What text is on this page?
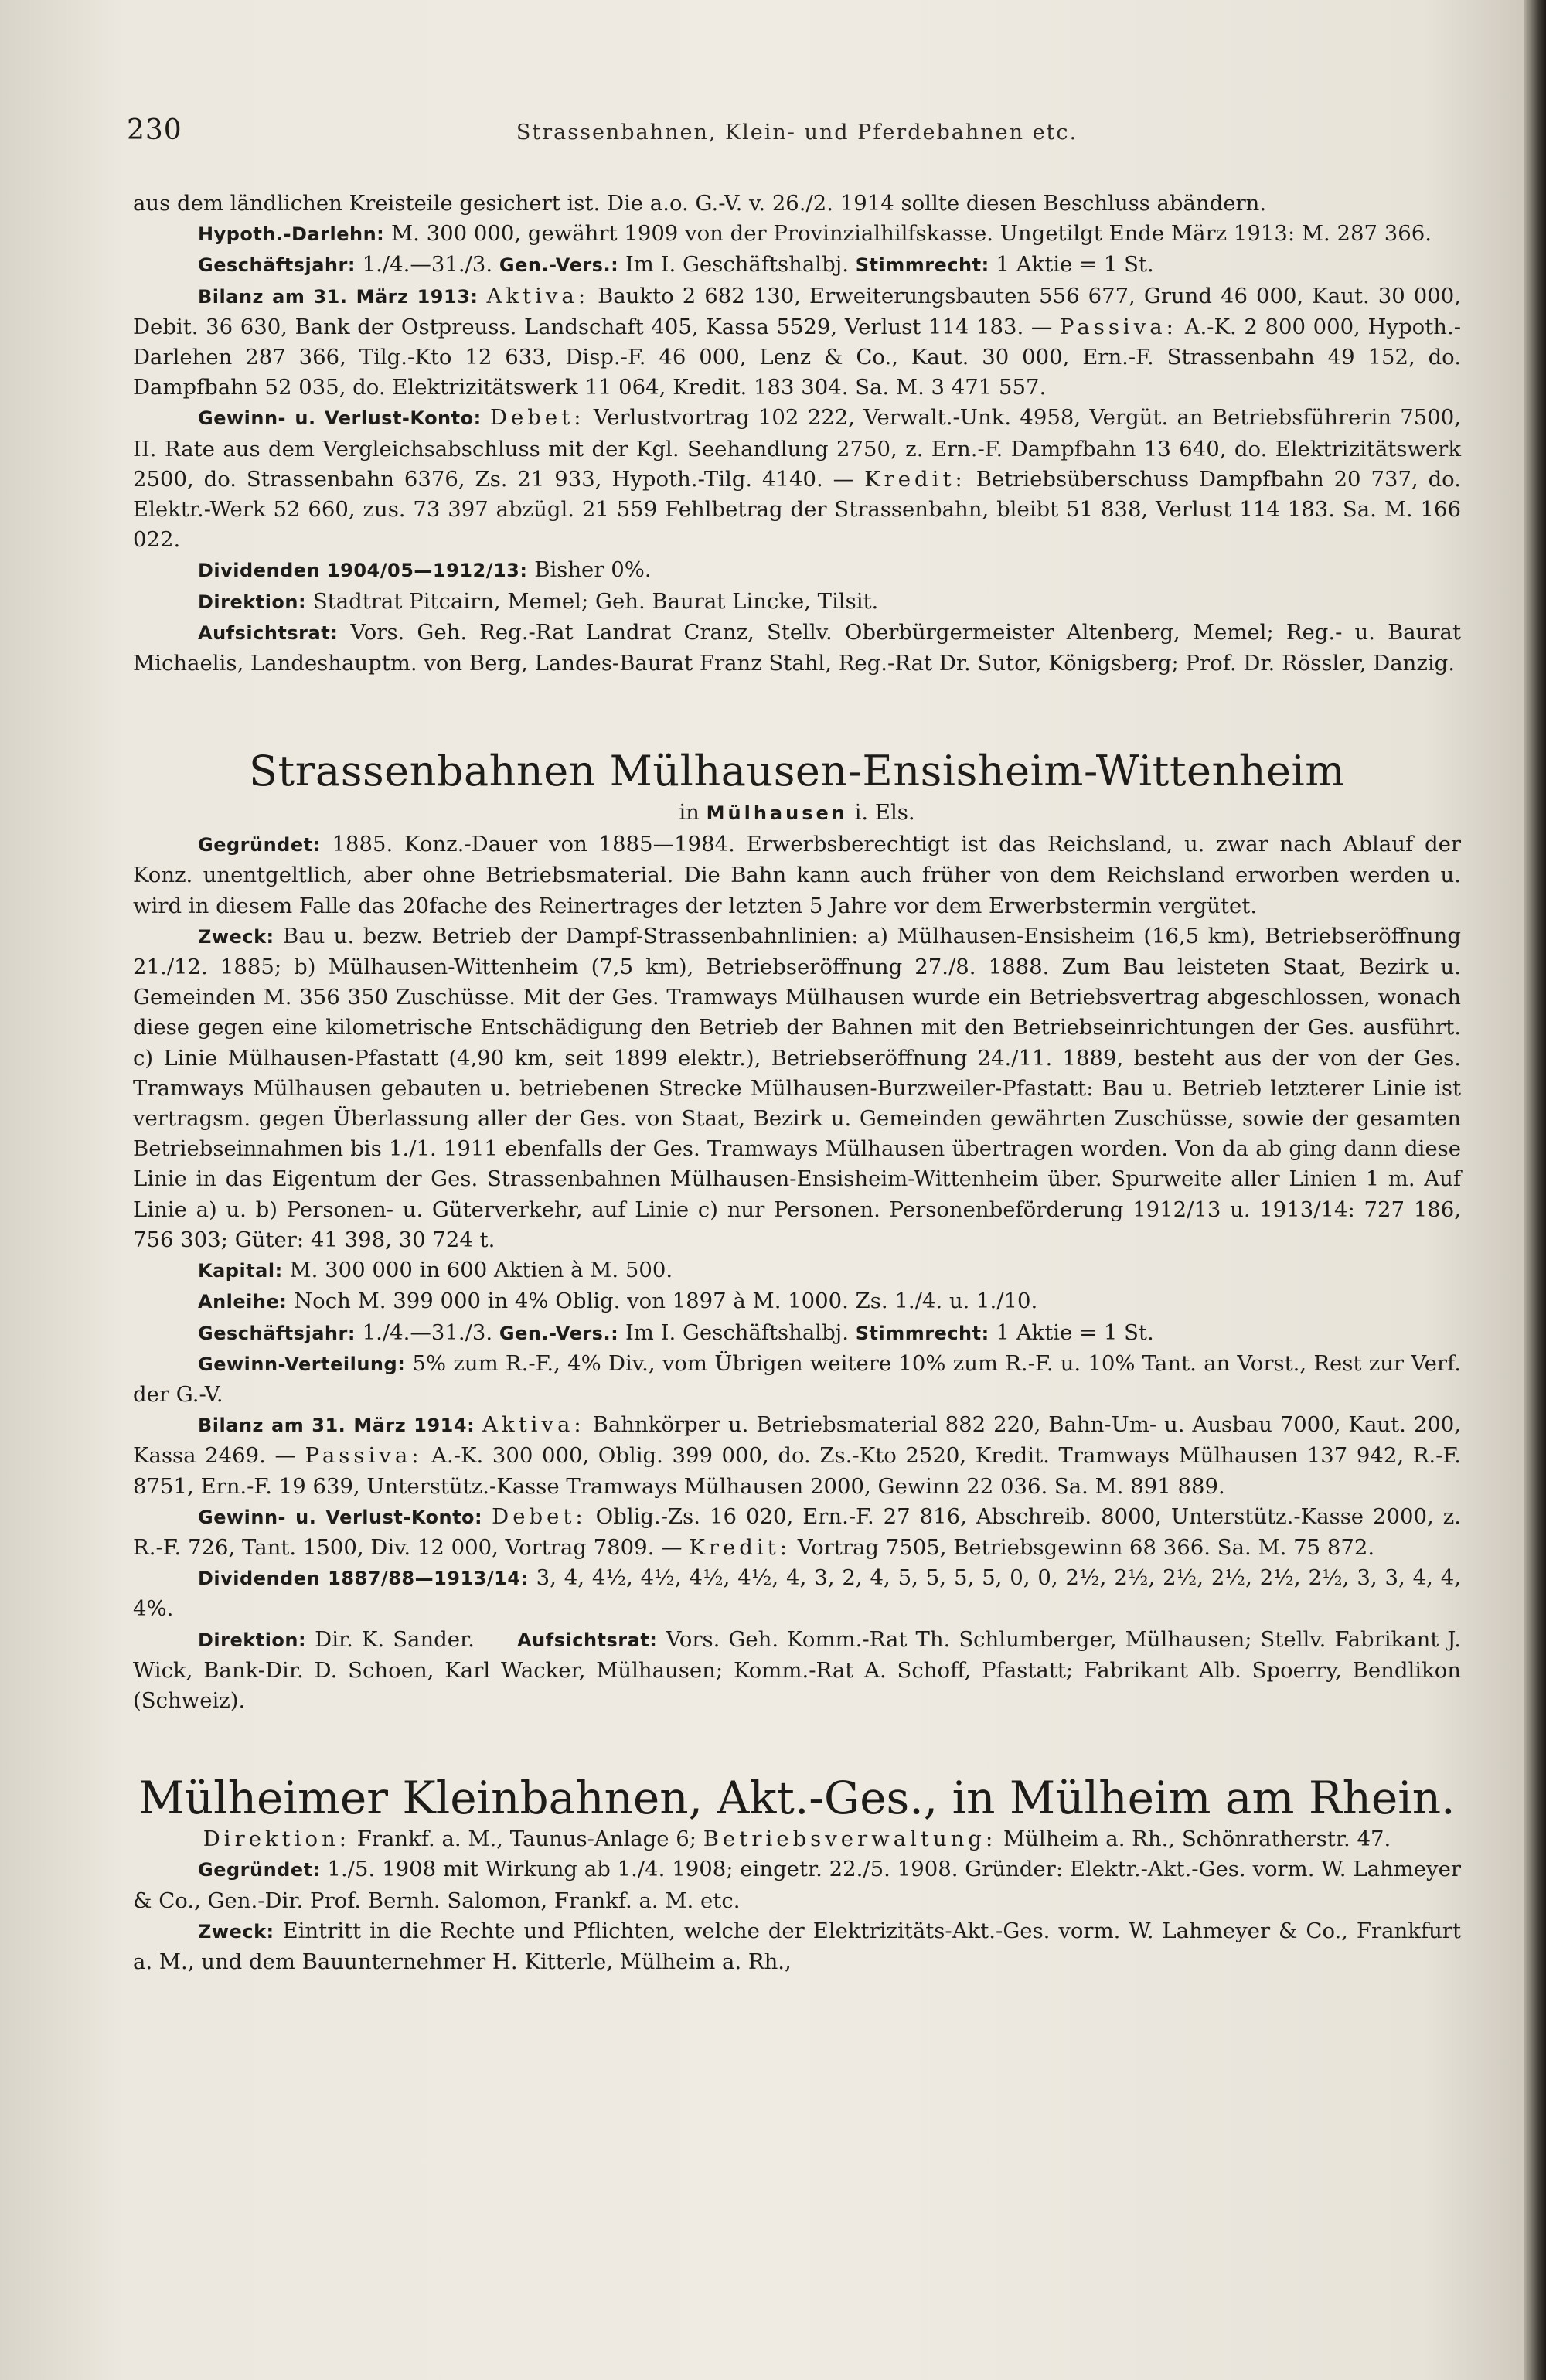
230	Strassenbahnen, Klein- und Pferdebahnen etc.

aus dem ländlichen Kreisteile gesichert ist. Die a.o. G.-V. v. 26./2. 1914 sollte diesen Beschluss abändern.

Hypoth.-Darlehn: M. 300 000, gewährt 1909 von der Provinzialhilfskasse. Ungetilgt Ende März 1913: M. 287 366.

Geschäftsjahr: 1./4.—31./3. Gen.-Vers.: Im I. Geschäftshalbj. Stimmrecht: 1 Aktie = 1 St.

Bilanz am 31. März 1913: Aktiva: Baukto 2 682 130, Erweiterungsbauten 556 677, Grund 46 000, Kaut. 30 000, Debit. 36 630, Bank der Ostpreuss. Landschaft 405, Kassa 5529, Verlust 114 183. — Passiva: A.-K. 2 800 000, Hypoth.-Darlehen 287 366, Tilg.-Kto 12 633, Disp.-F. 46 000, Lenz & Co., Kaut. 30 000, Ern.-F. Strassenbahn 49 152, do. Dampfbahn 52 035, do. Elektrizitätswerk 11 064, Kredit. 183 304. Sa. M. 3 471 557.

Gewinn- u. Verlust-Konto: Debet: Verlustvortrag 102 222, Verwalt.-Unk. 4958, Vergüt. an Betriebsführerin 7500, II. Rate aus dem Vergleichsabschluss mit der Kgl. Seehandlung 2750, z. Ern.-F. Dampfbahn 13 640, do. Elektrizitätswerk 2500, do. Strassenbahn 6376, Zs. 21 933, Hypoth.-Tilg. 4140. — Kredit: Betriebsüberschuss Dampfbahn 20 737, do. Elektr.-Werk 52 660, zus. 73 397 abzügl. 21 559 Fehlbetrag der Strassenbahn, bleibt 51 838, Verlust 114 183. Sa. M. 166 022.

Dividenden 1904/05—1912/13: Bisher 0%.

Direktion: Stadtrat Pitcairn, Memel; Geh. Baurat Lincke, Tilsit.

Aufsichtsrat: Vors. Geh. Reg.-Rat Landrat Cranz, Stellv. Oberbürgermeister Altenberg, Memel; Reg.- u. Baurat Michaelis, Landeshauptm. von Berg, Landes-Baurat Franz Stahl, Reg.-Rat Dr. Sutor, Königsberg; Prof. Dr. Rössler, Danzig.

Strassenbahnen Mülhausen-Ensisheim-Wittenheim
in Mülhausen i. Els.

Gegründet: 1885. Konz.-Dauer von 1885—1984. Erwerbsberechtigt ist das Reichsland, u. zwar nach Ablauf der Konz. unentgeltlich, aber ohne Betriebsmaterial. Die Bahn kann auch früher von dem Reichsland erworben werden u. wird in diesem Falle das 20fache des Reinertrages der letzten 5 Jahre vor dem Erwerbstermin vergütet.

Zweck: Bau u. bezw. Betrieb der Dampf-Strassenbahnlinien: a) Mülhausen-Ensisheim (16,5 km), Betriebseröffnung 21./12. 1885; b) Mülhausen-Wittenheim (7,5 km), Betriebseröffnung 27./8. 1888. Zum Bau leisteten Staat, Bezirk u. Gemeinden M. 356 350 Zuschüsse. Mit der Ges. Tramways Mülhausen wurde ein Betriebsvertrag abgeschlossen, wonach diese gegen eine kilometrische Entschädigung den Betrieb der Bahnen mit den Betriebseinrichtungen der Ges. ausführt. c) Linie Mülhausen-Pfastatt (4,90 km, seit 1899 elektr.), Betriebseröffnung 24./11. 1889, besteht aus der von der Ges. Tramways Mülhausen gebauten u. betriebenen Strecke Mülhausen-Burzweiler-Pfastatt: Bau u. Betrieb letzterer Linie ist vertragsm. gegen Überlassung aller der Ges. von Staat, Bezirk u. Gemeinden gewährten Zuschüsse, sowie der gesamten Betriebseinnahmen bis 1./1. 1911 ebenfalls der Ges. Tramways Mülhausen übertragen worden. Von da ab ging dann diese Linie in das Eigentum der Ges. Strassenbahnen Mülhausen-Ensisheim-Wittenheim über. Spurweite aller Linien 1 m. Auf Linie a) u. b) Personen- u. Güterverkehr, auf Linie c) nur Personen. Personenbeförderung 1912/13 u. 1913/14: 727 186, 756 303; Güter: 41 398, 30 724 t.

Kapital: M. 300 000 in 600 Aktien à M. 500.

Anleihe: Noch M. 399 000 in 4% Oblig. von 1897 à M. 1000. Zs. 1./4. u. 1./10.

Geschäftsjahr: 1./4.—31./3. Gen.-Vers.: Im I. Geschäftshalbj. Stimmrecht: 1 Aktie = 1 St.

Gewinn-Verteilung: 5% zum R.-F., 4% Div., vom Übrigen weitere 10% zum R.-F. u. 10% Tant. an Vorst., Rest zur Verf. der G.-V.

Bilanz am 31. März 1914: Aktiva: Bahnkörper u. Betriebsmaterial 882 220, Bahn-Um- u. Ausbau 7000, Kaut. 200, Kassa 2469. — Passiva: A.-K. 300 000, Oblig. 399 000, do. Zs.-Kto 2520, Kredit. Tramways Mülhausen 137 942, R.-F. 8751, Ern.-F. 19 639, Unterstütz.-Kasse Tramways Mülhausen 2000, Gewinn 22 036. Sa. M. 891 889.

Gewinn- u. Verlust-Konto: Debet: Oblig.-Zs. 16 020, Ern.-F. 27 816, Abschreib. 8000, Unterstütz.-Kasse 2000, z. R.-F. 726, Tant. 1500, Div. 12 000, Vortrag 7809. — Kredit: Vortrag 7505, Betriebsgewinn 68 366. Sa. M. 75 872.

Dividenden 1887/88—1913/14: 3, 4, 4½, 4½, 4½, 4½, 4, 3, 2, 4, 5, 5, 5, 5, 0, 0, 2½, 2½, 2½, 2½, 2½, 2½, 3, 3, 4, 4, 4%.

Direktion: Dir. K. Sander. Aufsichtsrat: Vors. Geh. Komm.-Rat Th. Schlumberger, Mülhausen; Stellv. Fabrikant J. Wick, Bank-Dir. D. Schoen, Karl Wacker, Mülhausen; Komm.-Rat A. Schoff, Pfastatt; Fabrikant Alb. Spoerry, Bendlikon (Schweiz).

Mülheimer Kleinbahnen, Akt.-Ges., in Mülheim am Rhein.

Direktion: Frankf. a. M., Taunus-Anlage 6; Betriebsverwaltung: Mülheim a. Rh., Schönratherstr. 47.

Gegründet: 1./5. 1908 mit Wirkung ab 1./4. 1908; eingetr. 22./5. 1908. Gründer: Elektr.-Akt.-Ges. vorm. W. Lahmeyer & Co., Gen.-Dir. Prof. Bernh. Salomon, Frankf. a. M. etc.

Zweck: Eintritt in die Rechte und Pflichten, welche der Elektrizitäts-Akt.-Ges. vorm. W. Lahmeyer & Co., Frankfurt a. M., und dem Bauunternehmer H. Kitterle, Mülheim a. Rh.,
